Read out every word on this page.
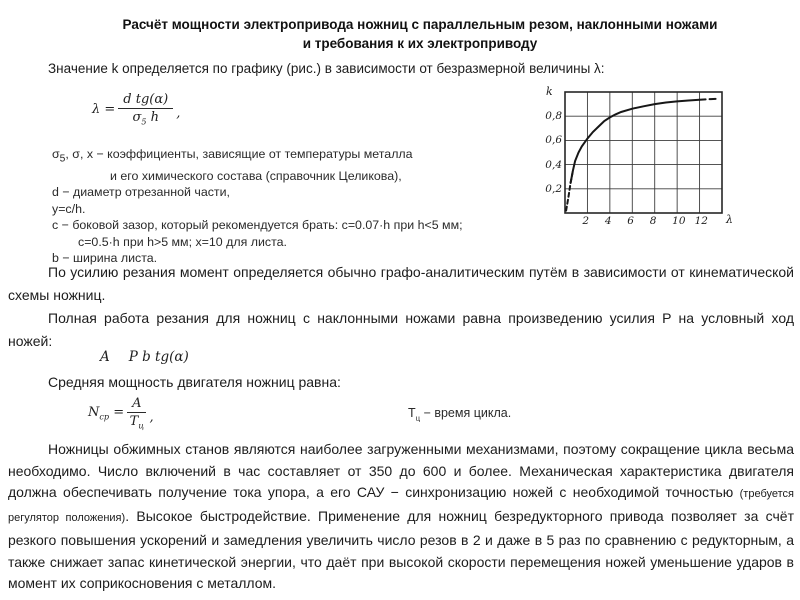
Расчёт мощности электропривода ножниц с параллельным резом, наклонными ножами
и требования к их электроприводу
Значение k определяется по графику (рис.) в зависимости от безразмерной величины λ:
$\lambda = \frac{\text{d tg(α)}}{\sigma_5 h}$ ,
k
λ
2 4 6 8 10 12
0,2
0,4
0,6
0,8
$\sigma_5$, σ, x − коэффициенты, зависящие от температуры металла
и его химического состава (справочник Целикова),
d − диаметр отрезанной части,
y=c/h.
c − боковой зазор, который рекомендуется брать: c=0.07·h при h<5 мм;
c=0.5·h при h>5 мм; x=10 для листа.
b − ширина листа.

По усилию резания момент определяется обычно графо-аналитическим путём в зависимости от кинематической схемы ножниц.

Полная работа резания для ножниц с наклонными ножами равна произведению усилия P на условный ход ножей:

A P b tg(α)
Средняя мощность двигателя ножниц равна:
$N_{ср} = \frac{A}{T_ц}$ ,	$Т_ц$ − время цикла.

Ножницы обжимных станов являются наиболее загруженными механизмами, поэтому сокращение цикла весьма необходимо. Число включений в час составляет от 350 до 600 и более. Механическая характеристика двигателя должна обеспечивать получение тока упора, а его САУ − синхронизацию ножей с необходимой точностью (требуется регулятор положения). Высокое быстродействие. Применение для ножниц безредукторного привода позволяет за счёт резкого повышения ускорений и замедления увеличить число резов в 2 и даже в 5 раз по сравнению с редукторным, а также снижает запас кинетической энергии, что даёт при высокой скорости перемещения ножей уменьшение ударов в момент их соприкосновения с металлом.
